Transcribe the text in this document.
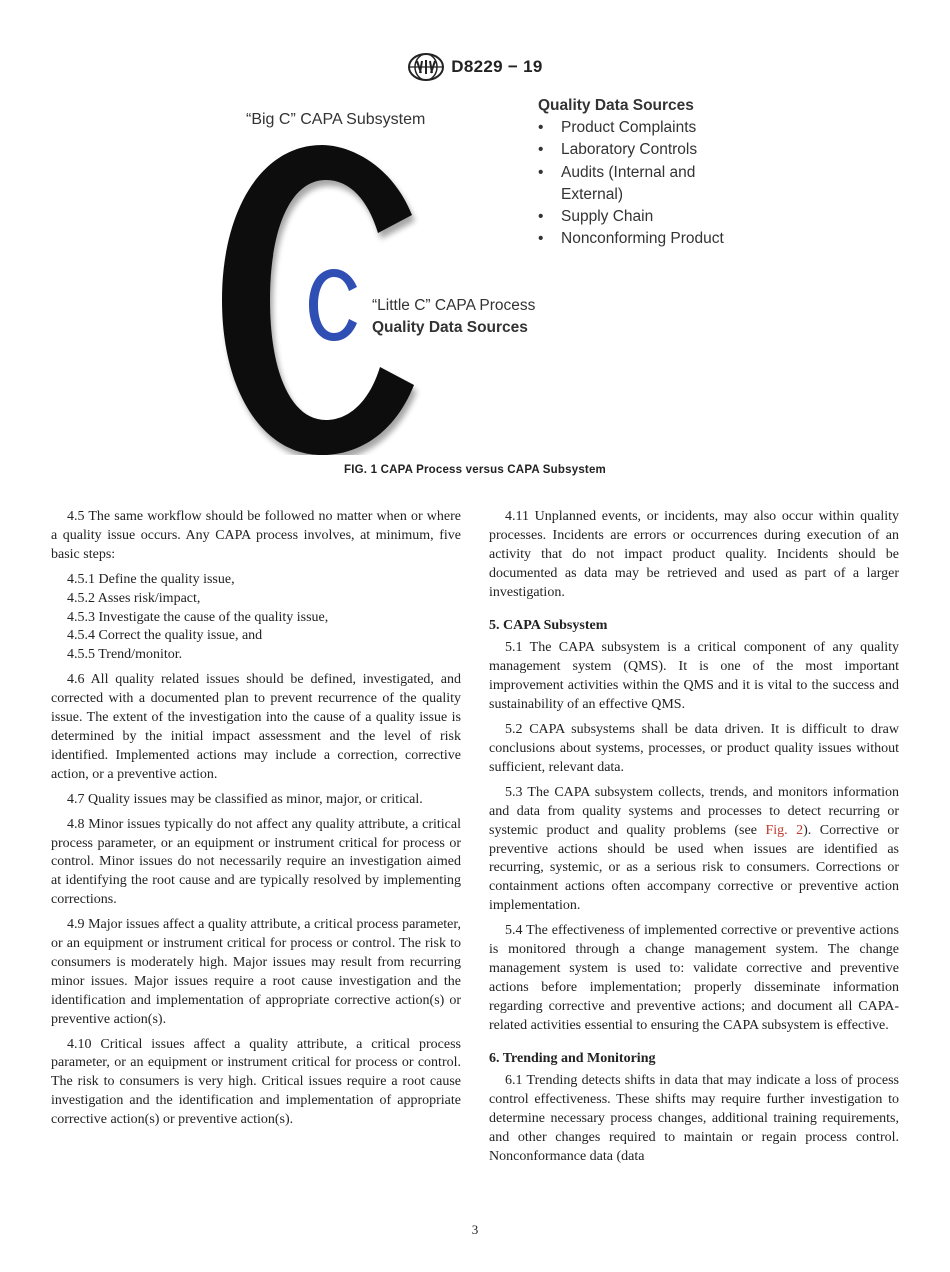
D8229 − 19
“Big C” CAPA Subsystem
“Little C” CAPA Process
Quality Data Sources
Quality Data Sources
• Product Complaints
• Laboratory Controls
• Audits (Internal and External)
• Supply Chain
• Nonconforming Product
FIG. 1 CAPA Process versus CAPA Subsystem

4.5 The same workflow should be followed no matter when or where a quality issue occurs. Any CAPA process involves, at minimum, five basic steps:

4.5.1 Define the quality issue,

4.5.2 Asses risk/impact,

4.5.3 Investigate the cause of the quality issue,

4.5.4 Correct the quality issue, and

4.5.5 Trend/monitor.

4.6 All quality related issues should be defined, investigated, and corrected with a documented plan to prevent recurrence of the quality issue. The extent of the investigation into the cause of a quality issue is determined by the initial impact assessment and the level of risk identified. Implemented actions may include a correction, corrective action, or a preventive action.

4.7 Quality issues may be classified as minor, major, or critical.

4.8 Minor issues typically do not affect any quality attribute, a critical process parameter, or an equipment or instrument critical for process or control. Minor issues do not necessarily require an investigation aimed at identifying the root cause and are typically resolved by implementing corrections.

4.9 Major issues affect a quality attribute, a critical process parameter, or an equipment or instrument critical for process or control. The risk to consumers is moderately high. Major issues may result from recurring minor issues. Major issues require a root cause investigation and the identification and implementation of appropriate corrective action(s) or preventive action(s).

4.10 Critical issues affect a quality attribute, a critical process parameter, or an equipment or instrument critical for process or control. The risk to consumers is very high. Critical issues require a root cause investigation and the identification and implementation of appropriate corrective action(s) or preventive action(s).

4.11 Unplanned events, or incidents, may also occur within quality processes. Incidents are errors or occurrences during execution of an activity that do not impact product quality. Incidents should be documented as data may be retrieved and used as part of a larger investigation.

5. CAPA Subsystem

5.1 The CAPA subsystem is a critical component of any quality management system (QMS). It is one of the most important improvement activities within the QMS and it is vital to the success and sustainability of an effective QMS.

5.2 CAPA subsystems shall be data driven. It is difficult to draw conclusions about systems, processes, or product quality issues without sufficient, relevant data.

5.3 The CAPA subsystem collects, trends, and monitors information and data from quality systems and processes to detect recurring or systemic product and quality problems (see Fig. 2). Corrective or preventive actions should be used when issues are identified as recurring, systemic, or as a serious risk to consumers. Corrections or containment actions often accompany corrective or preventive action implementation.

5.4 The effectiveness of implemented corrective or preventive actions is monitored through a change management system. The change management system is used to: validate corrective and preventive actions before implementation; properly disseminate information regarding corrective and preventive actions; and document all CAPA-related activities essential to ensuring the CAPA subsystem is effective.

6. Trending and Monitoring

6.1 Trending detects shifts in data that may indicate a loss of process control effectiveness. These shifts may require further investigation to determine necessary process changes, additional training requirements, and other changes required to maintain or regain process control. Nonconformance data (data

3
